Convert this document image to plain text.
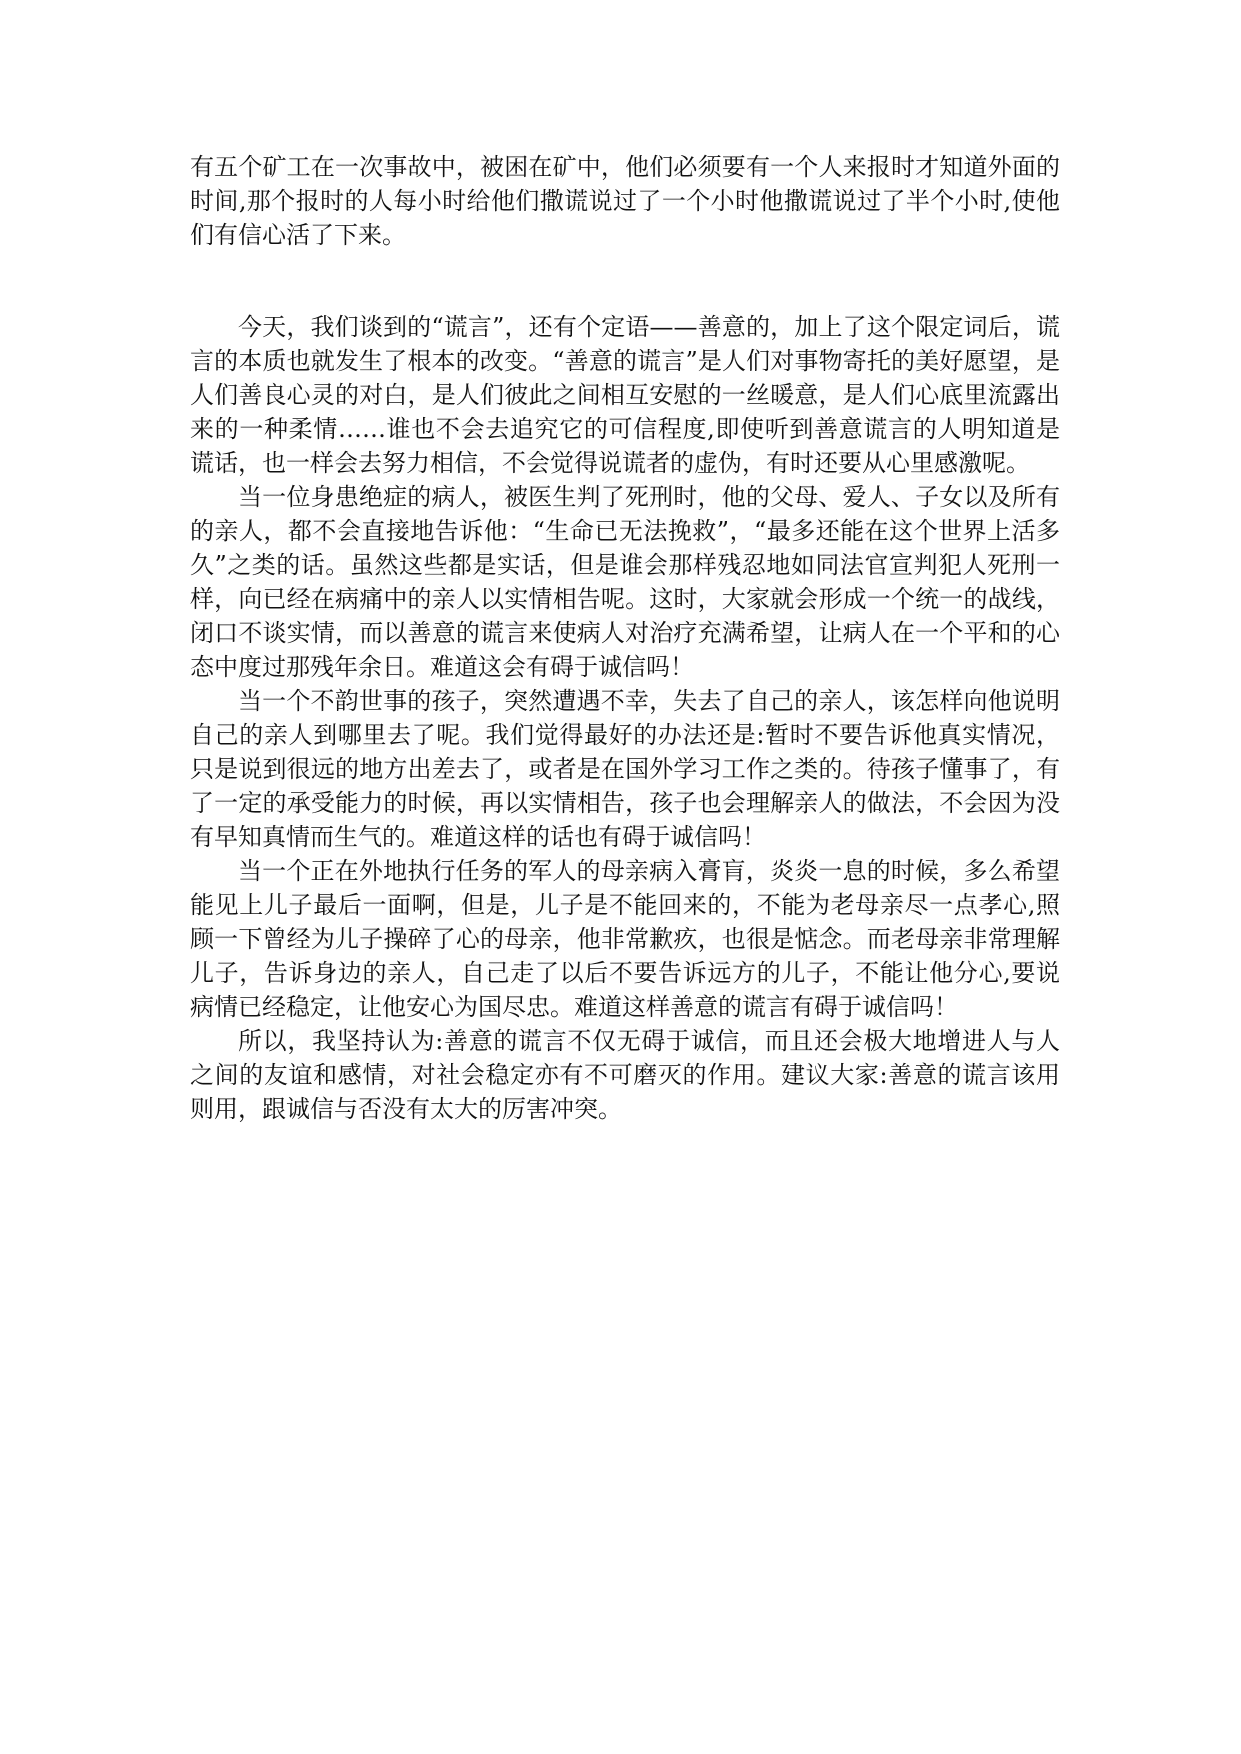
有五个矿工在一次事故中，被困在矿中，他们必须要有一个人来报时才知道外面的时间,那个报时的人每小时给他们撒谎说过了一个小时他撒谎说过了半个小时,使他们有信心活了下来。

今天，我们谈到的“谎言”，还有个定语——善意的，加上了这个限定词后，谎言的本质也就发生了根本的改变。“善意的谎言”是人们对事物寄托的美好愿望，是人们善良心灵的对白，是人们彼此之间相互安慰的一丝暖意，是人们心底里流露出来的一种柔情……谁也不会去追究它的可信程度,即使听到善意谎言的人明知道是谎话，也一样会去努力相信，不会觉得说谎者的虚伪，有时还要从心里感激呢。

当一位身患绝症的病人，被医生判了死刑时，他的父母、爱人、子女以及所有的亲人，都不会直接地告诉他：“生命已无法挽救”，“最多还能在这个世界上活多久”之类的话。虽然这些都是实话，但是谁会那样残忍地如同法官宣判犯人死刑一样，向已经在病痛中的亲人以实情相告呢。这时，大家就会形成一个统一的战线，闭口不谈实情，而以善意的谎言来使病人对治疗充满希望，让病人在一个平和的心态中度过那残年余日。难道这会有碍于诚信吗！

当一个不韵世事的孩子，突然遭遇不幸，失去了自己的亲人，该怎样向他说明自己的亲人到哪里去了呢。我们觉得最好的办法还是:暂时不要告诉他真实情况，只是说到很远的地方出差去了，或者是在国外学习工作之类的。待孩子懂事了，有了一定的承受能力的时候，再以实情相告，孩子也会理解亲人的做法，不会因为没有早知真情而生气的。难道这样的话也有碍于诚信吗！

当一个正在外地执行任务的军人的母亲病入膏肓，炎炎一息的时候，多么希望能见上儿子最后一面啊，但是，儿子是不能回来的，不能为老母亲尽一点孝心,照顾一下曾经为儿子操碎了心的母亲，他非常歉疚，也很是惦念。而老母亲非常理解儿子，告诉身边的亲人，自己走了以后不要告诉远方的儿子，不能让他分心,要说病情已经稳定，让他安心为国尽忠。难道这样善意的谎言有碍于诚信吗！

所以，我坚持认为:善意的谎言不仅无碍于诚信，而且还会极大地增进人与人之间的友谊和感情，对社会稳定亦有不可磨灭的作用。建议大家:善意的谎言该用则用，跟诚信与否没有太大的厉害冲突。
